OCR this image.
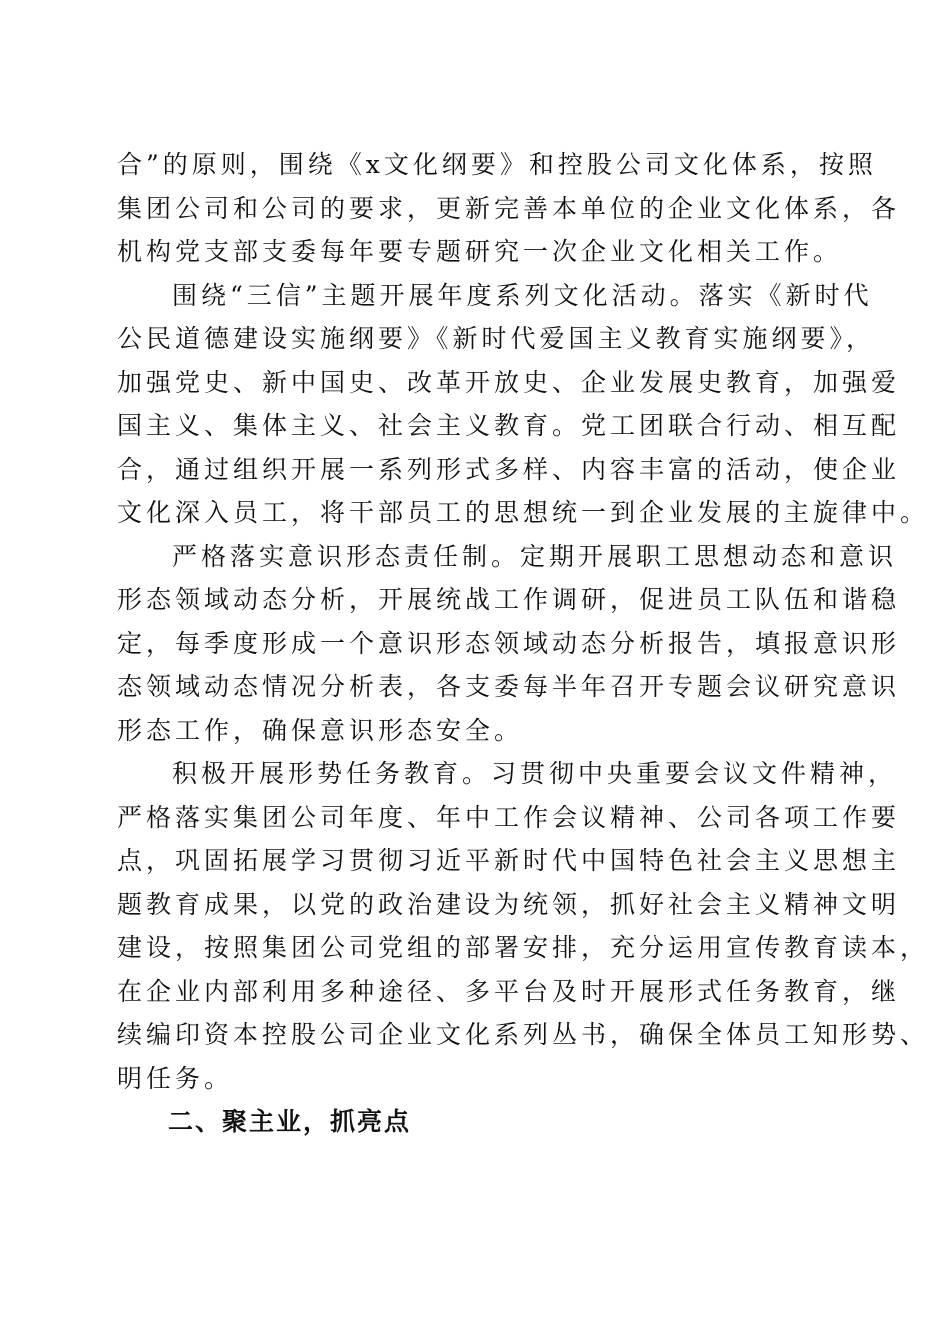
合”的原则，围绕《x文化纲要》和控股公司文化体系，按照
集团公司和公司的要求，更新完善本单位的企业文化体系，各
机构党支部支委每年要专题研究一次企业文化相关工作。
围绕“三信”主题开展年度系列文化活动。落实《新时代
公民道德建设实施纲要》《新时代爱国主义教育实施纲要》，
加强党史、新中国史、改革开放史、企业发展史教育，加强爱
国主义、集体主义、社会主义教育。党工团联合行动、相互配
合，通过组织开展一系列形式多样、内容丰富的活动，使企业
文化深入员工，将干部员工的思想统一到企业发展的主旋律中。
严格落实意识形态责任制。定期开展职工思想动态和意识
形态领域动态分析，开展统战工作调研，促进员工队伍和谐稳
定，每季度形成一个意识形态领域动态分析报告，填报意识形
态领域动态情况分析表，各支委每半年召开专题会议研究意识
形态工作，确保意识形态安全。
积极开展形势任务教育。习贯彻中央重要会议文件精神，
严格落实集团公司年度、年中工作会议精神、公司各项工作要
点，巩固拓展学习贯彻习近平新时代中国特色社会主义思想主
题教育成果，以党的政治建设为统领，抓好社会主义精神文明
建设，按照集团公司党组的部署安排，充分运用宣传教育读本，
在企业内部利用多种途径、多平台及时开展形式任务教育，继
续编印资本控股公司企业文化系列丛书，确保全体员工知形势、
明任务。
二、聚主业，抓亮点
